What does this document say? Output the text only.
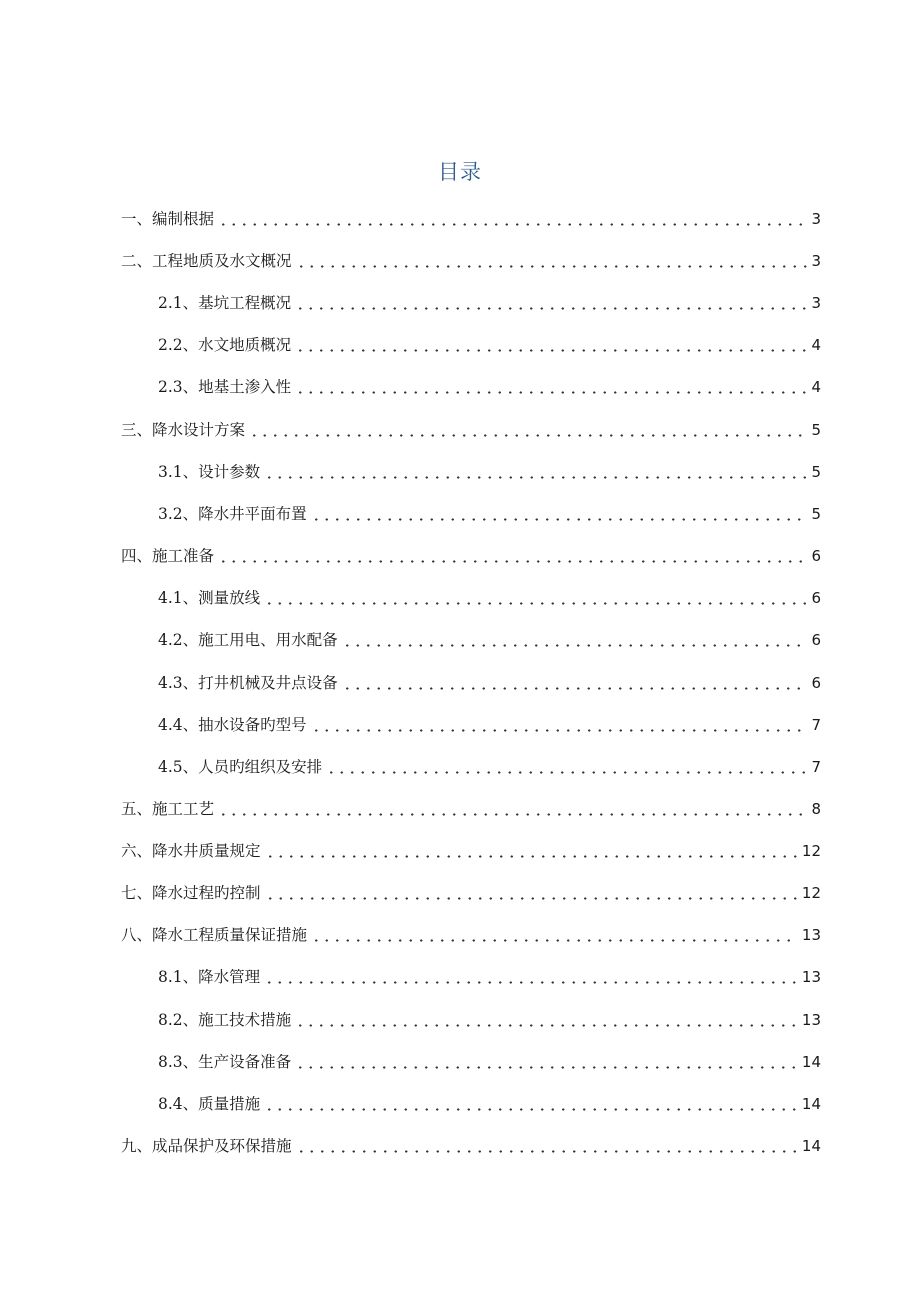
目录
一、编制根据	3
二、工程地质及水文概况	3
2.1、基坑工程概况	3
2.2、水文地质概况	4
2.3、地基土渗入性	4
三、降水设计方案	5
3.1、设计参数	5
3.2、降水井平面布置	5
四、施工准备	6
4.1、测量放线	6
4.2、施工用电、用水配备	6
4.3、打井机械及井点设备	6
4.4、抽水设备旳型号	7
4.5、人员旳组织及安排	7
五、施工工艺	8
六、降水井质量规定	12
七、降水过程旳控制	12
八、降水工程质量保证措施	13
8.1、降水管理	13
8.2、施工技术措施	13
8.3、生产设备准备	14
8.4、质量措施	14
九、成品保护及环保措施	14
